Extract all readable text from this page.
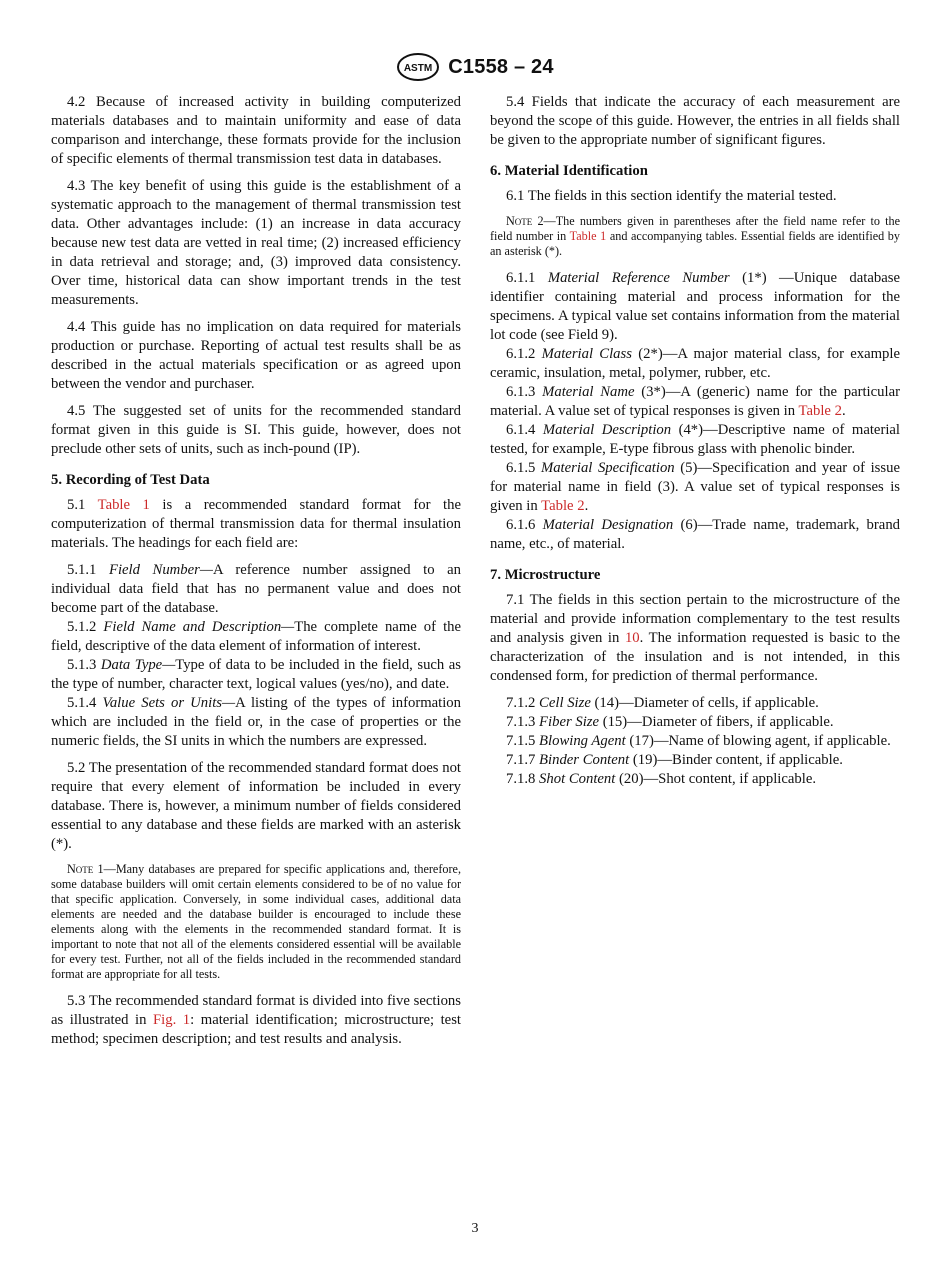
ASTM C1558 – 24

4.2 Because of increased activity in building computerized materials databases and to maintain uniformity and ease of data comparison and interchange, these formats provide for the inclusion of specific elements of thermal transmission test data in databases.

4.3 The key benefit of using this guide is the establishment of a systematic approach to the management of thermal transmission test data. Other advantages include: (1) an increase in data accuracy because new test data are vetted in real time; (2) increased efficiency in data retrieval and storage; and, (3) improved data consistency. Over time, historical data can show important trends in the test measurements.

4.4 This guide has no implication on data required for materials production or purchase. Reporting of actual test results shall be as described in the actual materials specification or as agreed upon between the vendor and purchaser.

4.5 The suggested set of units for the recommended standard format given in this guide is SI. This guide, however, does not preclude other sets of units, such as inch-pound (IP).

5. Recording of Test Data

5.1 Table 1 is a recommended standard format for the computerization of thermal transmission data for thermal insulation materials. The headings for each field are:

5.1.1 Field Number—A reference number assigned to an individual data field that has no permanent value and does not become part of the database.

5.1.2 Field Name and Description—The complete name of the field, descriptive of the data element of information of interest.

5.1.3 Data Type—Type of data to be included in the field, such as the type of number, character text, logical values (yes/no), and date.

5.1.4 Value Sets or Units—A listing of the types of information which are included in the field or, in the case of properties or the numeric fields, the SI units in which the numbers are expressed.

5.2 The presentation of the recommended standard format does not require that every element of information be included in every database. There is, however, a minimum number of fields considered essential to any database and these fields are marked with an asterisk (*).

Note 1—Many databases are prepared for specific applications and, therefore, some database builders will omit certain elements considered to be of no value for that specific application. Conversely, in some individual cases, additional data elements are needed and the database builder is encouraged to include these elements along with the elements in the recommended standard format. It is important to note that not all of the elements considered essential will be available for every test. Further, not all of the fields included in the recommended standard format are appropriate for all tests.

5.3 The recommended standard format is divided into five sections as illustrated in Fig. 1: material identification; microstructure; test method; specimen description; and test results and analysis.

5.4 Fields that indicate the accuracy of each measurement are beyond the scope of this guide. However, the entries in all fields shall be given to the appropriate number of significant figures.

6. Material Identification

6.1 The fields in this section identify the material tested.

Note 2—The numbers given in parentheses after the field name refer to the field number in Table 1 and accompanying tables. Essential fields are identified by an asterisk (*).

6.1.1 Material Reference Number (1*) —Unique database identifier containing material and process information for the specimens. A typical value set contains information from the material lot code (see Field 9).

6.1.2 Material Class (2*)—A major material class, for example ceramic, insulation, metal, polymer, rubber, etc.

6.1.3 Material Name (3*)—A (generic) name for the particular material. A value set of typical responses is given in Table 2.

6.1.4 Material Description (4*)—Descriptive name of material tested, for example, E-type fibrous glass with phenolic binder.

6.1.5 Material Specification (5)—Specification and year of issue for material name in field (3). A value set of typical responses is given in Table 2.

6.1.6 Material Designation (6)—Trade name, trademark, brand name, etc., of material.

7. Microstructure

7.1 The fields in this section pertain to the microstructure of the material and provide information complementary to the test results and analysis given in 10. The information requested is basic to the characterization of the insulation and is not intended, in this condensed form, for prediction of thermal performance.

7.1.2 Cell Size (14)—Diameter of cells, if applicable.

7.1.3 Fiber Size (15)—Diameter of fibers, if applicable.

7.1.5 Blowing Agent (17)—Name of blowing agent, if applicable.

7.1.7 Binder Content (19)—Binder content, if applicable.

7.1.8 Shot Content (20)—Shot content, if applicable.

3
